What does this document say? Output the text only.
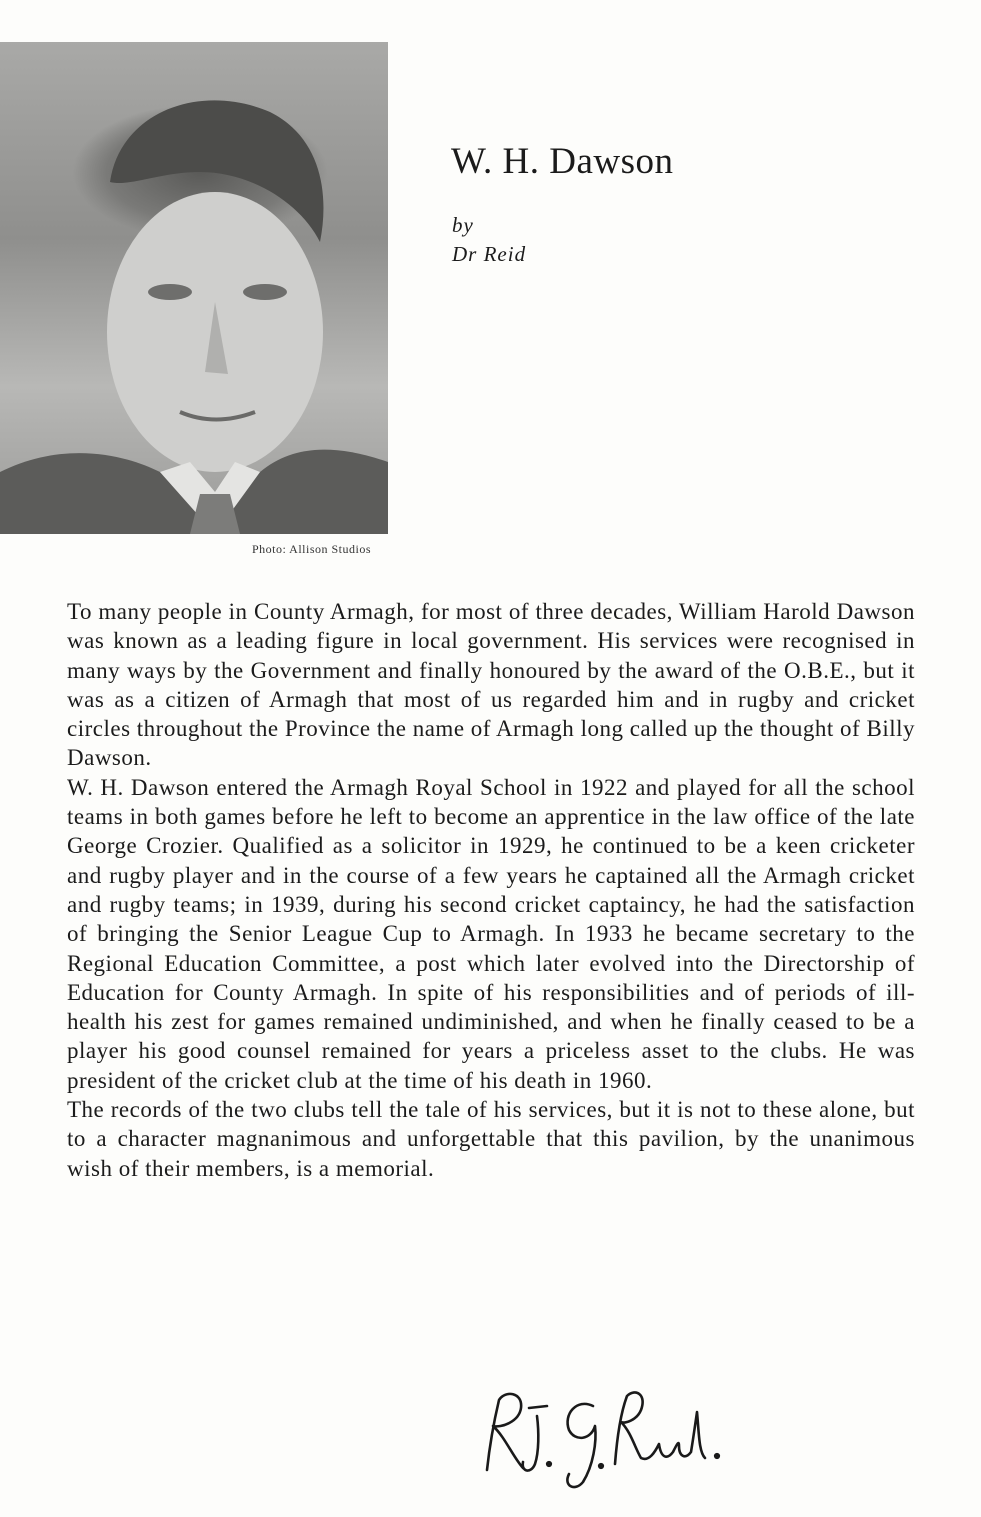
Photo: Allison Studios
W. H. Dawson
by
Dr Reid

To many people in County Armagh, for most of three decades, William Harold Dawson was known as a leading figure in local government. His services were recognised in many ways by the Government and finally honoured by the award of the O.B.E., but it was as a citizen of Armagh that most of us regarded him and in rugby and cricket circles throughout the Province the name of Armagh long called up the thought of Billy Dawson.

W. H. Dawson entered the Armagh Royal School in 1922 and played for all the school teams in both games before he left to become an apprentice in the law office of the late George Crozier. Qualified as a solicitor in 1929, he continued to be a keen cricketer and rugby player and in the course of a few years he captained all the Armagh cricket and rugby teams; in 1939, during his second cricket captaincy, he had the satisfaction of bringing the Senior League Cup to Armagh. In 1933 he became secretary to the Regional Education Committee, a post which later evolved into the Directorship of Education for County Armagh. In spite of his responsibilities and of periods of ill-health his zest for games remained undiminished, and when he finally ceased to be a player his good counsel remained for years a priceless asset to the clubs. He was president of the cricket club at the time of his death in 1960.

The records of the two clubs tell the tale of his services, but it is not to these alone, but to a character magnanimous and unforgettable that this pavilion, by the unanimous wish of their members, is a memorial.
